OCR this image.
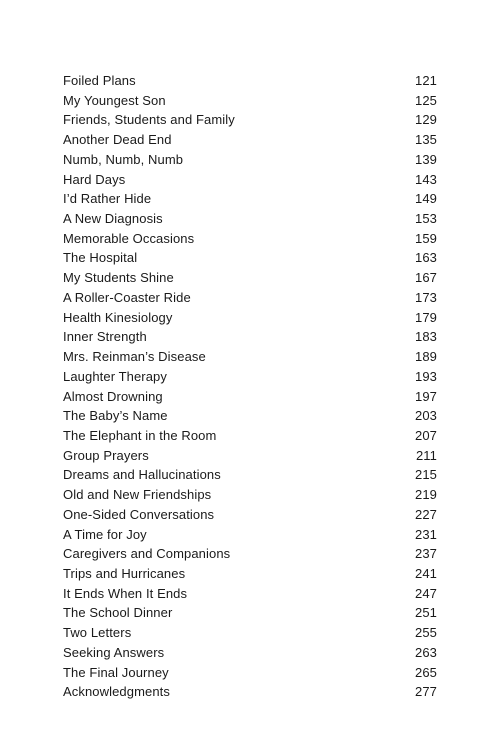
Foiled Plans	121
My Youngest Son	125
Friends, Students and Family	129
Another Dead End	135
Numb, Numb, Numb	139
Hard Days	143
I’d Rather Hide	149
A New Diagnosis	153
Memorable Occasions	159
The Hospital	163
My Students Shine	167
A Roller-Coaster Ride	173
Health Kinesiology	179
Inner Strength	183
Mrs. Reinman’s Disease	189
Laughter Therapy	193
Almost Drowning	197
The Baby’s Name	203
The Elephant in the Room	207
Group Prayers	211
Dreams and Hallucinations	215
Old and New Friendships	219
One-Sided Conversations	227
A Time for Joy	231
Caregivers and Companions	237
Trips and Hurricanes	241
It Ends When It Ends	247
The School Dinner	251
Two Letters	255
Seeking Answers	263
The Final Journey	265
Acknowledgments	277
